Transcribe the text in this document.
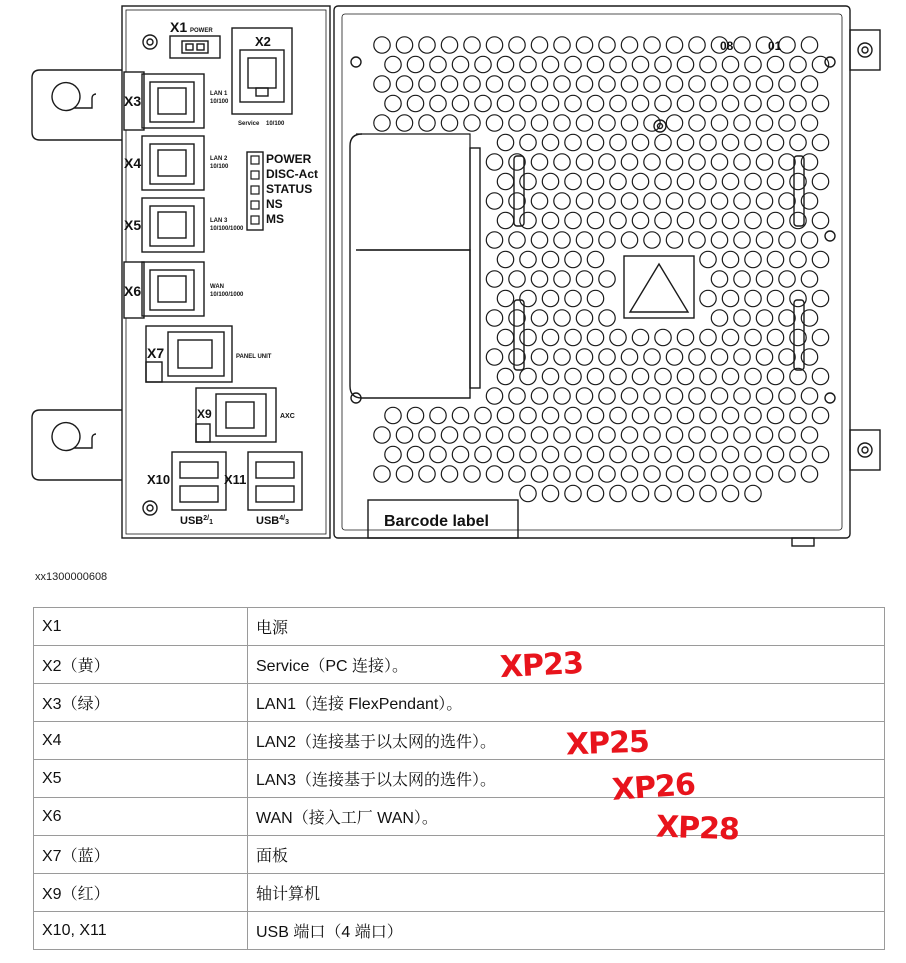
X1
X2
X3
X4
X5
X6
X7
X9
X10	X11
POWER
LAN 1
10/100
Service 10/100
LAN 2
10/100
LAN 3
10/100/1000
WAN
10/100/1000
PANEL UNIT
AXC
$USB^2/_1$	$USB^4/_3$
POWER
DISC-Act
STATUS
NS
MS
Barcode label
08	01
xx1300000608
X1	电源
X2（黄）	Service（PC 连接）。
X3（绿）	LAN1（连接 FlexPendant）。
X4	LAN2（连接基于以太网的选件）。
X5	LAN3（连接基于以太网的选件）。
X6	WAN（接入工厂 WAN）。
X7（蓝）	面板
X9（红）	轴计算机
X10, X11	USB 端口（4 端口）
XP23
XP25
XP26
XP28
